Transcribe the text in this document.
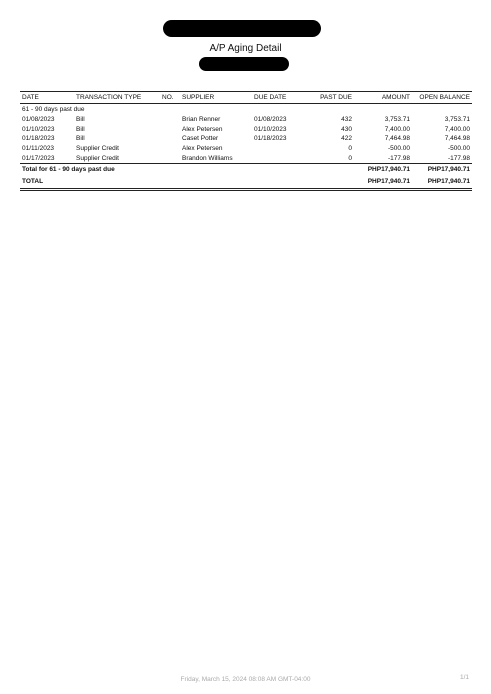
A/P Aging Detail
DATE	TRANSACTION TYPE	NO.	SUPPLIER	DUE DATE	PAST DUE	AMOUNT	OPEN BALANCE
61 - 90 days past due							
01/08/2023	Bill		Brian Renner	01/08/2023	432	3,753.71	3,753.71
01/10/2023	Bill		Alex Petersen	01/10/2023	430	7,400.00	7,400.00
01/18/2023	Bill		Caset Potter	01/18/2023	422	7,464.98	7,464.98
01/11/2023	Supplier Credit		Alex Petersen		0	-500.00	-500.00
01/17/2023	Supplier Credit		Brandon Williams		0	-177.98	-177.98
Total for 61 - 90 days past due						PHP17,940.71	PHP17,940.71
TOTAL						PHP17,940.71	PHP17,940.71
Friday, March 15, 2024 08:08 AM GMT-04:00	1/1
